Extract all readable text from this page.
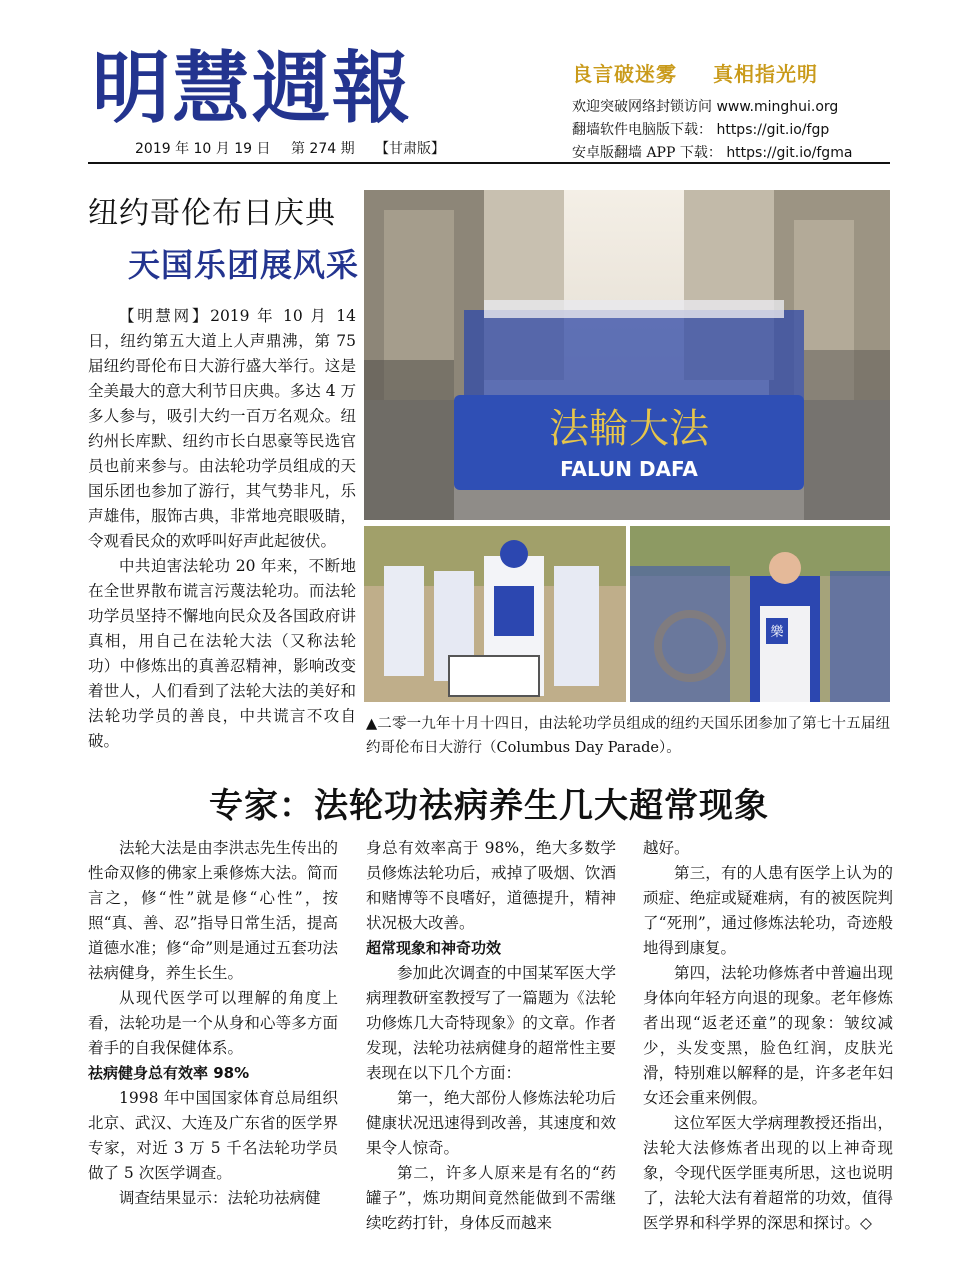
明慧週報
2019 年 10 月 19 日 第 274 期 【甘肃版】
良言破迷雾 真相指光明
欢迎突破网络封锁访问 www.minghui.org
翻墙软件电脑版下载： https://git.io/fgp
安卓版翻墙 APP 下载： https://git.io/fgma
纽约哥伦布日庆典
天国乐团展风采

【明慧网】2019 年 10 月 14 日，纽约第五大道上人声鼎沸，第 75 届纽约哥伦布日大游行盛大举行。这是全美最大的意大利节日庆典。多达 4 万多人参与，吸引大约一百万名观众。纽约州长库默、纽约市长白思豪等民选官员也前来参与。由法轮功学员组成的天国乐团也参加了游行，其气势非凡，乐声雄伟，服饰古典，非常地亮眼吸睛，令观看民众的欢呼叫好声此起彼伏。

中共迫害法轮功 20 年来，不断地在全世界散布谎言污蔑法轮功。而法轮功学员坚持不懈地向民众及各国政府讲真相，用自己在法轮大法（又称法轮功）中修炼出的真善忍精神，影响改变着世人，人们看到了法轮大法的美好和法轮功学员的善良，中共谎言不攻自破。

法輪大法
FALUN DAFA
樂
▲二零一九年十月十四日，由法轮功学员组成的纽约天国乐团参加了第七十五届纽约哥伦布日大游行（Columbus Day Parade）。
专家：法轮功祛病养生几大超常现象

法轮大法是由李洪志先生传出的性命双修的佛家上乘修炼大法。简而言之，修“性”就是修“心性”，按照“真、善、忍”指导日常生活，提高道德水准；修“命”则是通过五套功法祛病健身，养生长生。

从现代医学可以理解的角度上看，法轮功是一个从身和心等多方面着手的自我保健体系。

祛病健身总有效率 98%

1998 年中国国家体育总局组织北京、武汉、大连及广东省的医学界专家，对近 3 万 5 千名法轮功学员做了 5 次医学调查。

调查结果显示：法轮功祛病健

身总有效率高于 98%，绝大多数学员修炼法轮功后，戒掉了吸烟、饮酒和赌博等不良嗜好，道德提升，精神状况极大改善。

超常现象和神奇功效

参加此次调查的中国某军医大学病理教研室教授写了一篇题为《法轮功修炼几大奇特现象》的文章。作者发现，法轮功祛病健身的超常性主要表现在以下几个方面：

第一，绝大部份人修炼法轮功后健康状况迅速得到改善，其速度和效果令人惊奇。

第二，许多人原来是有名的“药罐子”，炼功期间竟然能做到不需继续吃药打针，身体反而越来

越好。

第三，有的人患有医学上认为的顽症、绝症或疑难病，有的被医院判了“死刑”，通过修炼法轮功，奇迹般地得到康复。

第四，法轮功修炼者中普遍出现身体向年轻方向退的现象。老年修炼者出现“返老还童”的现象：皱纹减少，头发变黑，脸色红润，皮肤光滑，特别难以解释的是，许多老年妇女还会重来例假。

这位军医大学病理教授还指出，法轮大法修炼者出现的以上神奇现象，令现代医学匪夷所思，这也说明了，法轮大法有着超常的功效，值得医学界和科学界的深思和探讨。◇
